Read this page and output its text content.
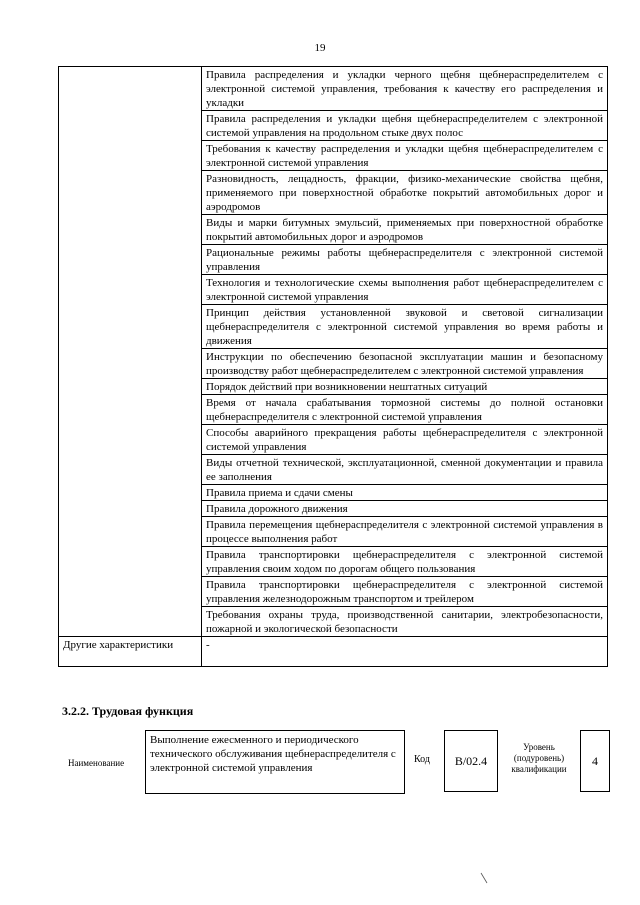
19
	Правила распределения и укладки черного щебня щебнераспределителем с электронной системой управления, требования к качеству его распределения и укладки
	Правила распределения и укладки щебня щебнераспределителем с электронной системой управления на продольном стыке двух полос
	Требования к качеству распределения и укладки щебня щебнераспределителем с электронной системой управления
	Разновидность, лещадность, фракции, физико-механические свойства щебня, применяемого при поверхностной обработке покрытий автомобильных дорог и аэродромов
	Виды и марки битумных эмульсий, применяемых при поверхностной обработке покрытий автомобильных дорог и аэродромов
	Рациональные режимы работы щебнераспределителя с электронной системой управления
	Технология и технологические схемы выполнения работ щебнераспределителем с электронной системой управления
	Принцип действия установленной звуковой и световой сигнализации щебнераспределителя с электронной системой управления во время работы и движения
	Инструкции по обеспечению безопасной эксплуатации машин и безопасному производству работ щебнераспределителем с электронной системой управления
	Порядок действий при возникновении нештатных ситуаций
	Время от начала срабатывания тормозной системы до полной остановки щебнераспределителя с электронной системой управления
	Способы аварийного прекращения работы щебнераспределителя с электронной системой управления
	Виды отчетной технической, эксплуатационной, сменной документации и правила ее заполнения
	Правила приема и сдачи смены
	Правила дорожного движения
	Правила перемещения щебнераспределителя с электронной системой управления в процессе выполнения работ
	Правила транспортировки щебнераспределителя с электронной системой управления своим ходом по дорогам общего пользования
	Правила транспортировки щебнераспределителя с электронной системой управления железнодорожным транспортом и трейлером
	Требования охраны труда, производственной санитарии, электробезопасности, пожарной и экологической безопасности
Другие характеристики	-
3.2.2. Трудовая функция
Наименование
Выполнение ежесменного и периодического технического обслуживания щебнераспределителя с электронной системой управления
Код B/02.4
Уровень (подуровень) квалификации
4
